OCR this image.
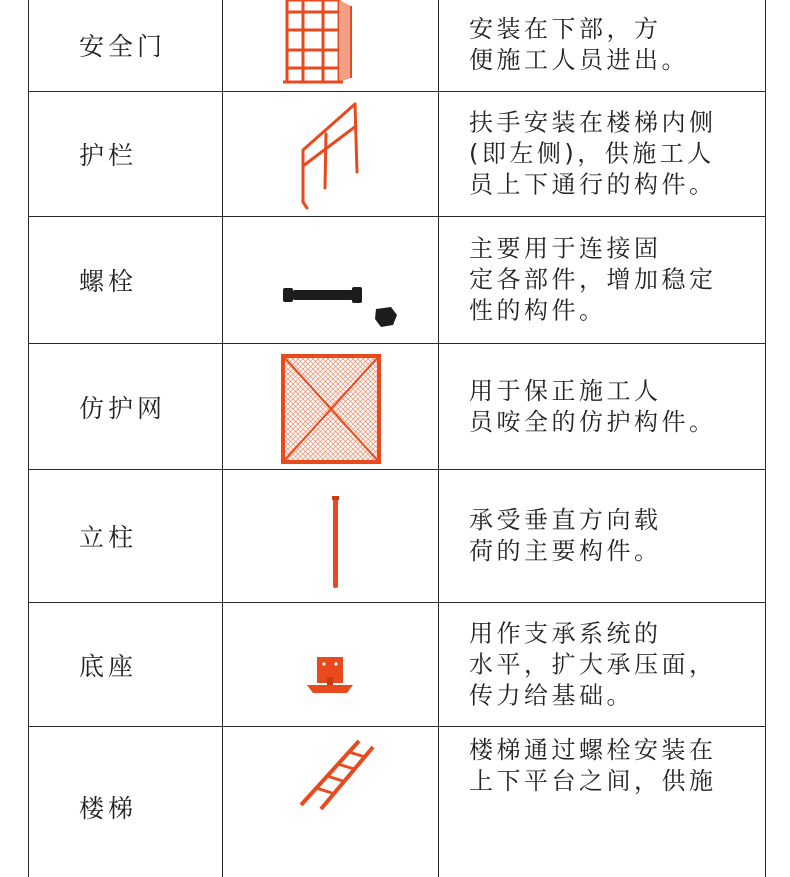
安全门
安装在下部，方
便施工人员进出。
护栏
扶手安装在楼梯内侧
(即左侧)，供施工人
员上下通行的构件。
螺栓
主要用于连接固
定各部件，增加稳定
性的构件。
仿护网
用于保正施工人
员咹全的仿护构件。
立柱
承受垂直方向载
荷的主要构件。
底座
用作支承系统的
水平，扩大承压面，
传力给基础。
楼梯
楼梯通过螺栓安装在
上下平台之间，供施
